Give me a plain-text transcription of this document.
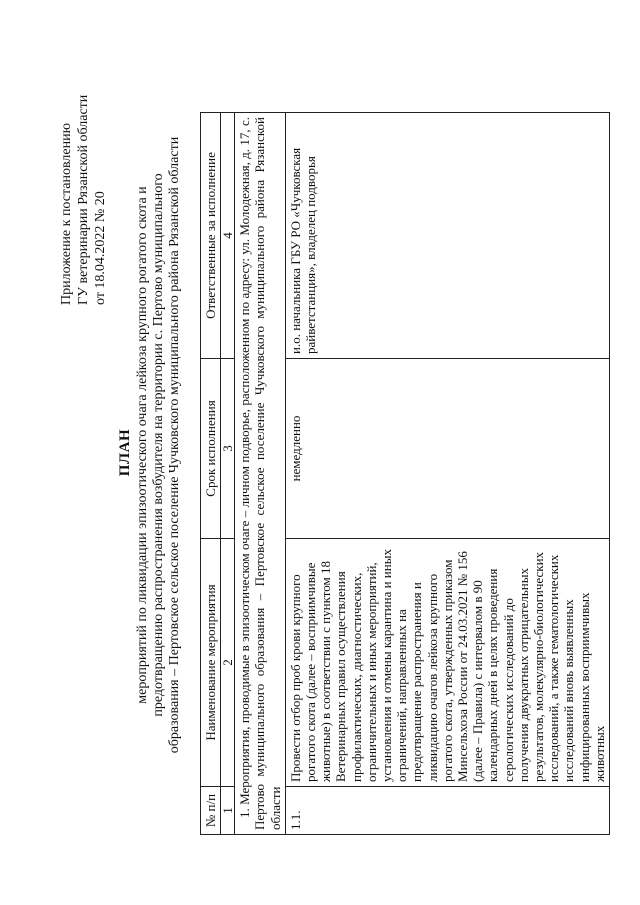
Приложение к постановлению ГУ ветеринарии Рязанской области от 18.04.2022 № 20
ПЛАН мероприятий по ликвидации эпизоотического очага лейкоза крупного рогатого скота и предотвращению распространения возбудителя на территории с. Пертово муниципального образования – Пертовское сельское поселение Чучковского муниципального района Рязанской области
№ п/п	Наименование мероприятия	Срок исполнения	Ответственные за исполнение
1	2	3	4
1. Мероприятия, проводимые в эпизоотическом очаге – личном подворье, расположенном по адресу: ул. Молодежная, д. 17, с. Пертово муниципального образования – Пертовское сельское поселение Чучковского муниципального района Рязанской области			
1.1.	Провести отбор проб крови крупного рогатого скота (далее – восприимчивые животные) в соответствии с пунктом 18 Ветеринарных правил осуществления профилактических, диагностических, ограничительных и иных мероприятий, установления и отмены карантина и иных ограничений, направленных на предотвращение распространения и ликвидацию очагов лейкоза крупного рогатого скота, утвержденных приказом Минсельхоза России от 24.03.2021 № 156 (далее – Правила) с интервалом в 90 календарных дней в целях проведения серологических исследований до получения двукратных отрицательных результатов, молекулярно-биологических исследований, а также гематологических исследований вновь выявленных инфицированных восприимчивых животных	немедленно	и.о. начальника ГБУ РО «Чучковская райветстанция», владелец подворья
